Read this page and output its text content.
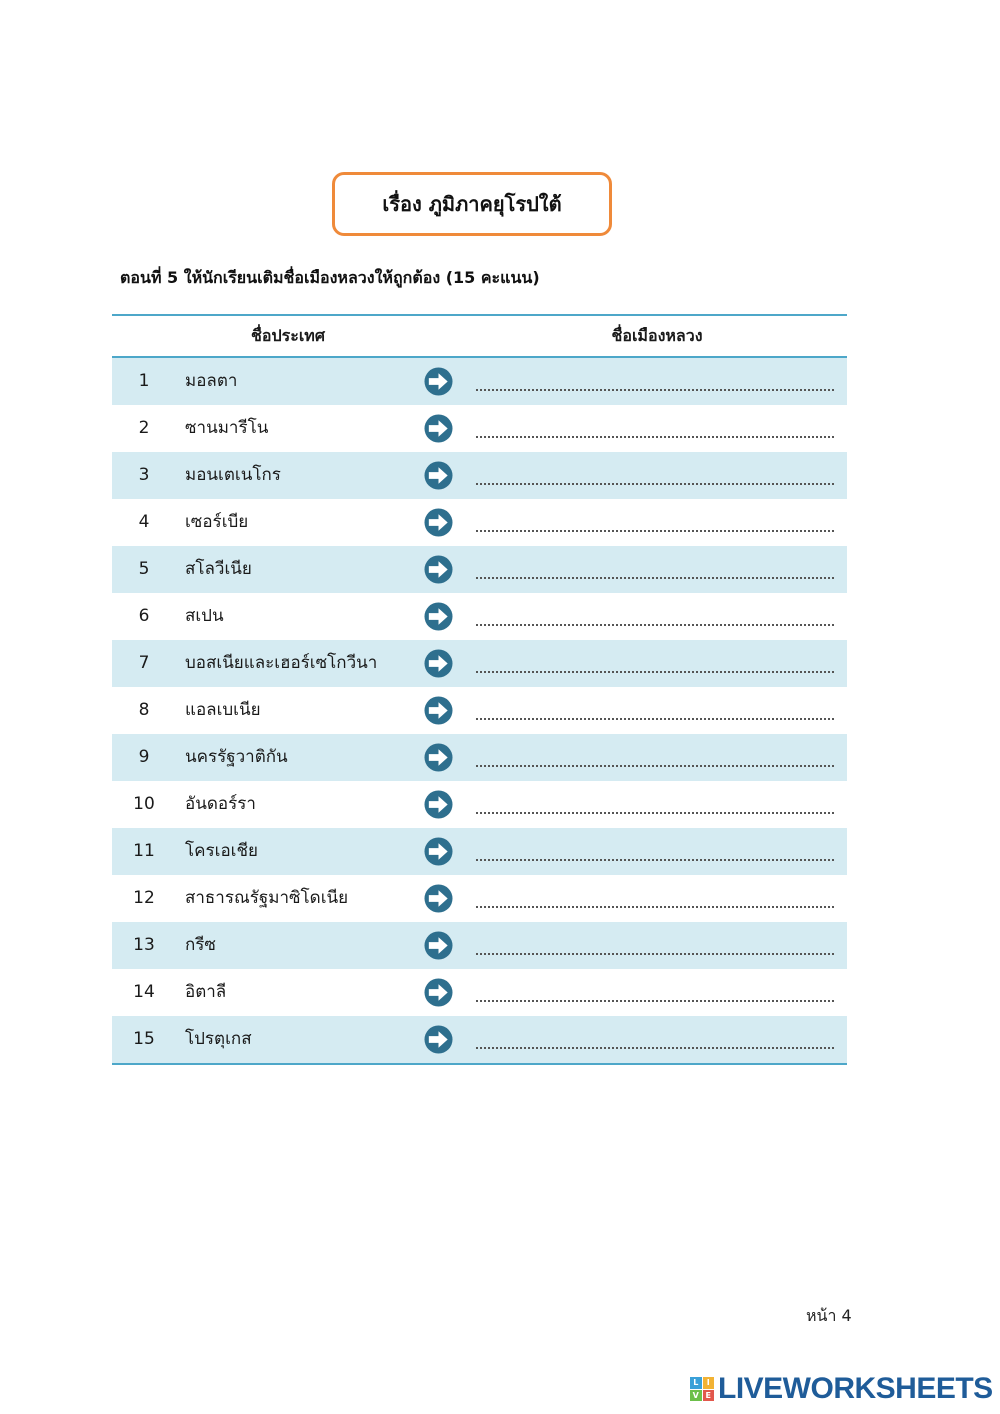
เรื่อง ภูมิภาคยุโรปใต้
ตอนที่ 5 ให้นักเรียนเติมชื่อเมืองหลวงให้ถูกต้อง (15 คะแนน)
ชื่อประเทศ	ชื่อเมืองหลวง
1	มอลตา
2	ซานมารีโน
3	มอนเตเนโกร
4	เซอร์เบีย
5	สโลวีเนีย
6	สเปน
7	บอสเนียและเฮอร์เซโกวีนา
8	แอลเบเนีย
9	นครรัฐวาติกัน
10	อันดอร์รา
11	โครเอเชีย
12	สาธารณรัฐมาซิโดเนีย
13	กรีซ
14	อิตาลี
15	โปรตุเกส
หน้า 4
L	I
V E LIVEWORKSHEETS
